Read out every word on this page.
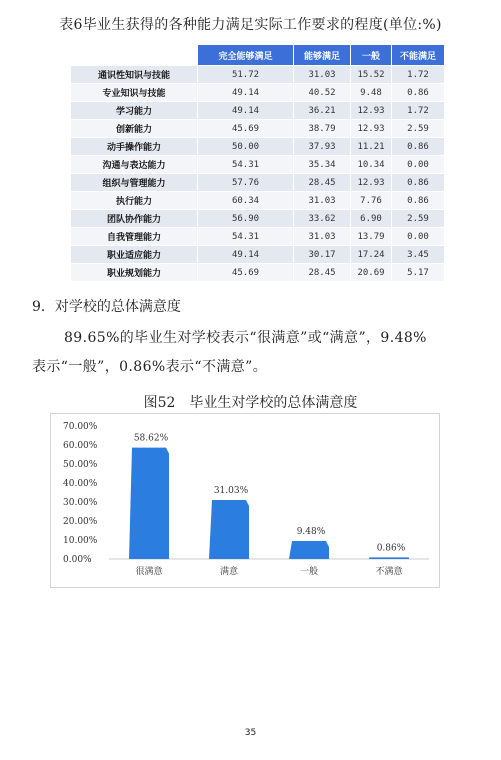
表6毕业生获得的各种能力满足实际工作要求的程度(单位:%)
	完全能够满足	能够满足	一般	不能满足
通识性知识与技能	51.72	31.03	15.52	1.72
专业知识与技能	49.14	40.52	9.48	0.86
学习能力	49.14	36.21	12.93	1.72
创新能力	45.69	38.79	12.93	2.59
动手操作能力	50.00	37.93	11.21	0.86
沟通与表达能力	54.31	35.34	10.34	0.00
组织与管理能力	57.76	28.45	12.93	0.86
执行能力	60.34	31.03	7.76	0.86
团队协作能力	56.90	33.62	6.90	2.59
自我管理能力	54.31	31.03	13.79	0.00
职业适应能力	49.14	30.17	17.24	3.45
职业规划能力	45.69	28.45	20.69	5.17
9．对学校的总体满意度
89.65%的毕业生对学校表示“很满意”或“满意”，9.48%
表示“一般”，0.86%表示“不满意”。
图52　毕业生对学校的总体满意度
0.00%
10.00%
20.00%
30.00%
40.00%
50.00%
60.00%
70.00%
58.62%
很满意
31.03%
满意
9.48%
一般
0.86%
不满意
35
